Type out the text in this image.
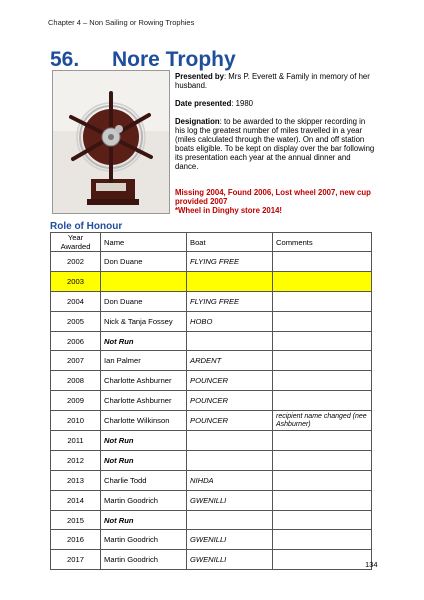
Chapter 4 – Non Sailing or Rowing Trophies
56. Nore Trophy

Presented by: Mrs P. Everett & Family in memory of her husband.

Date presented: 1980

Designation: to be awarded to the skipper recording in his log the greatest number of miles travelled in a year (miles calculated through the water). On and off station boats eligible. To be kept on display over the bar following its presentation each year at the annual dinner and dance.

Missing 2004, Found 2006, Lost wheel 2007, new cup provided 2007
*Wheel in Dinghy store 2014!
Role of Honour
Year Awarded	Name	Boat	Comments
2002	Don Duane	FLYING FREE	
2003			
2004	Don Duane	FLYING FREE	
2005	Nick & Tanja Fossey	HOBO	
2006	Not Run		
2007	Ian Palmer	ARDENT	
2008	Charlotte Ashburner	POUNCER	
2009	Charlotte Ashburner	POUNCER	
2010	Charlotte Wilkinson	POUNCER	recipient name changed (nee Ashburner)
2011	Not Run		
2012	Not Run		
2013	Charlie Todd	NIHDA	
2014	Martin Goodrich	GWENILLI	
2015	Not Run		
2016	Martin Goodrich	GWENILLI	
2017	Martin Goodrich	GWENILLI	
134
